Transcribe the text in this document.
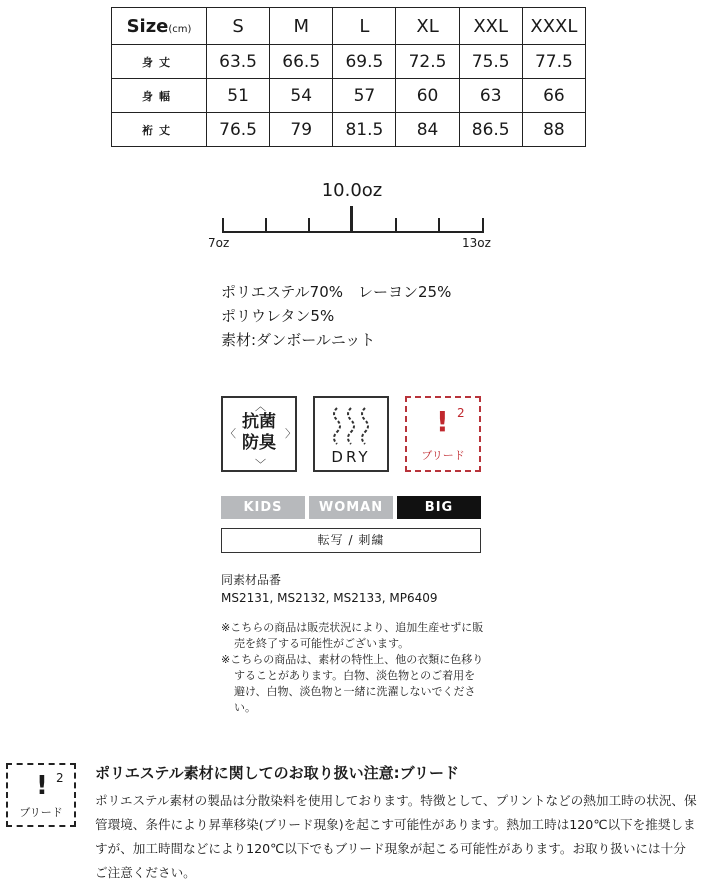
Size(cm)	S	M	L	XL	XXL	XXXL
身丈	63.5	66.5	69.5	72.5	75.5	77.5
身幅	51	54	57	60	63	66
裄丈	76.5	79	81.5	84	86.5	88
10.0oz
7oz	13oz
ポリエステル70%　レーヨン25%
ポリウレタン5%
素材:ダンボールニット
︿
〈	〉
﹀
抗菌
防臭
DRY
! 2
ブリード
KIDS	WOMAN	BIG
転写 / 刺繍
同素材品番
MS2131, MS2132, MS2133, MP6409

※こちらの商品は販売状況により、追加生産せずに販売を終了する可能性がございます。

※こちらの商品は、素材の特性上、他の衣類に色移りすることがあります。白物、淡色物とのご着用を避け、白物、淡色物と一緒に洗濯しないでください。

! 2
ブリード
ポリエステル素材に関してのお取り扱い注意:ブリード
ポリエステル素材の製品は分散染料を使用しております。特徴として、プリントなどの熱加工時の状況、保管環境、条件により昇華移染(ブリード現象)を起こす可能性があります。熱加工時は120℃以下を推奨しますが、加工時間などにより120℃以下でもブリード現象が起こる可能性があります。お取り扱いには十分ご注意ください。
